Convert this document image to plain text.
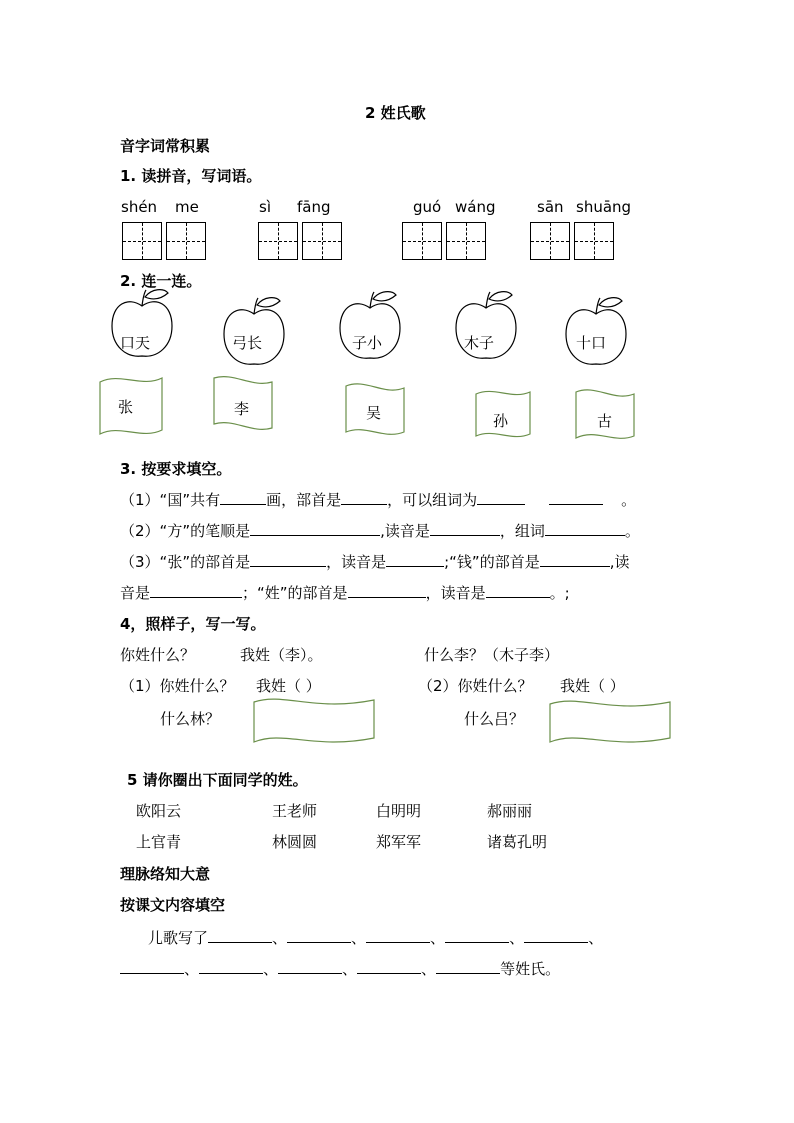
2 姓氏歌
音字词常积累
1. 读拼音，写词语。
shén me	sì fāng	guó wáng	sān shuāng
2. 连一连。
口天	弓长	子小	木子	十口
张	李	吴	孙	古
3. 按要求填空。
（1）“国”共有	画，部首是	，可以组词为	。
（2）“方”的笔顺是	,读音是	，组词	。
（3）“张”的部首是	，读音是	;“钱”的部首是	,读
音是	；“姓”的部首是	，读音是	。;
4，照样子，写一写。
你姓什么？	我姓（李）。	什么李？（木子李）
（1）你姓什么？ 我姓（ ）	（2）你姓什么？ 我姓（ ）
什么林？	什么吕？
5 请你圈出下面同学的姓。
欧阳云	王老师	白明明	郝丽丽
上官青	林圆圆	郑军军	诸葛孔明
理脉络知大意
按课文内容填空
儿歌写了	、	、	、	、	、
、	、	、	、	等姓氏。
